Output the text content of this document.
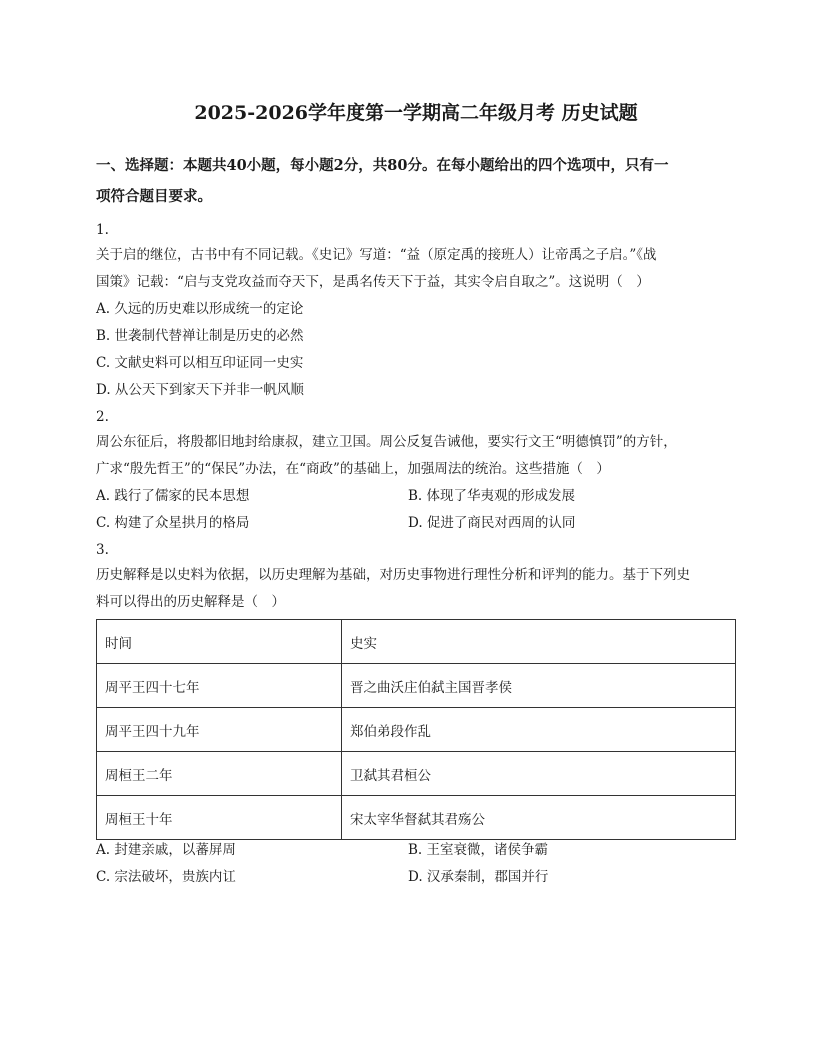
2025-2026学年度第一学期高二年级月考 历史试题
一、选择题：本题共40小题，每小题2分，共80分。在每小题给出的四个选项中，只有一
项符合题目要求。
1.
关于启的继位，古书中有不同记载。《史记》写道：“益（原定禹的接班人）让帝禹之子启。”《战
国策》记载：“启与支党攻益而夺天下，是禹名传天下于益，其实令启自取之”。这说明（　）
A. 久远的历史难以形成统一的定论
B. 世袭制代替禅让制是历史的必然
C. 文献史料可以相互印证同一史实
D. 从公天下到家天下并非一帆风顺
2.
周公东征后，将殷都旧地封给康叔，建立卫国。周公反复告诫他，要实行文王“明德慎罚”的方针，
广求“殷先哲王”的“保民”办法，在“商政”的基础上，加强周法的统治。这些措施（　）
A. 践行了儒家的民本思想	B. 体现了华夷观的形成发展
C. 构建了众星拱月的格局	D. 促进了商民对西周的认同
3.
历史解释是以史料为依据，以历史理解为基础，对历史事物进行理性分析和评判的能力。基于下列史
料可以得出的历史解释是（　）
时间	史实
周平王四十七年	晋之曲沃庄伯弑主国晋孝侯
周平王四十九年	郑伯弟段作乱
周桓王二年	卫弑其君桓公
周桓王十年	宋太宰华督弑其君殇公
A. 封建亲戚，以蕃屏周	B. 王室衰微，诸侯争霸
C. 宗法破坏，贵族内讧	D. 汉承秦制，郡国并行
